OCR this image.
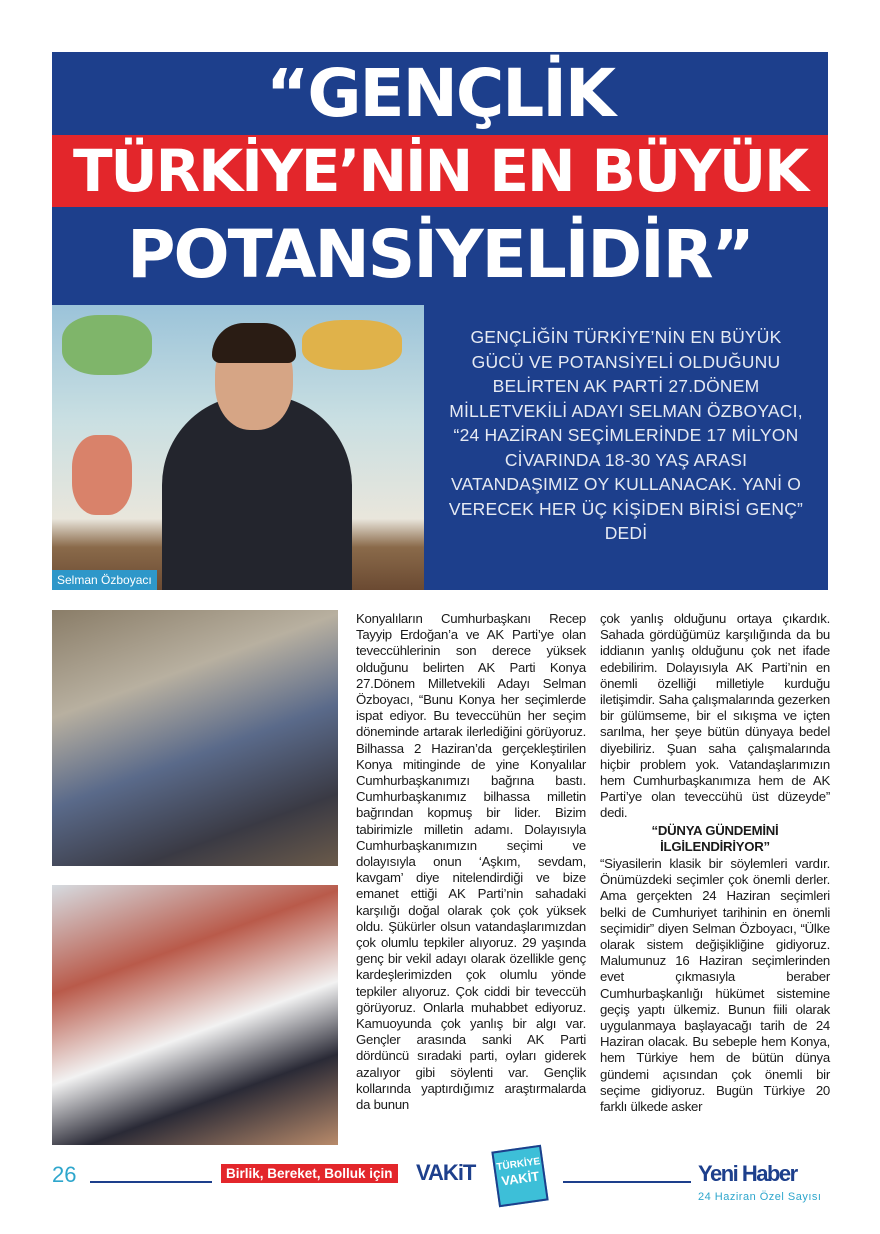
“GENÇLİK
TÜRKİYE’NİN EN BÜYÜK
POTANSİYELİDİR”
Selman Özboyacı
GENÇLİĞİN TÜRKİYE’NİN EN BÜYÜK GÜCÜ VE POTANSİYELİ OLDUĞUNU BELİRTEN AK PARTİ 27.DÖNEM MİLLETVEKİLİ ADAYI SELMAN ÖZBOYACI, “24 HAZİRAN SEÇİMLERİNDE 17 MİLYON CİVARINDA 18-30 YAŞ ARASI VATANDAŞIMIZ OY KULLANACAK. YANİ O VERECEK HER ÜÇ KİŞİDEN BİRİSİ GENÇ” DEDİ

Konyalıların Cumhurbaşkanı Recep Tayyip Erdoğan’a ve AK Parti’ye olan teveccühlerinin son derece yüksek olduğunu belirten AK Parti Konya 27.Dönem Milletvekili Adayı Selman Özboyacı, “Bunu Konya her seçimlerde ispat ediyor. Bu teveccühün her seçim döneminde artarak ilerlediğini görüyoruz. Bilhassa 2 Haziran’da gerçekleştirilen Konya mitinginde de yine Konyalılar Cumhurbaşkanımızı bağrına bastı. Cumhurbaşkanımız bilhassa milletin bağrından kopmuş bir lider. Bizim tabirimizle milletin adamı. Dolayısıyla Cumhurbaşkanımızın seçimi ve dolayısıyla onun ‘Aşkım, sevdam, kavgam’ diye nitelendirdiği ve bize emanet ettiği AK Parti’nin sahadaki karşılığı doğal olarak çok çok yüksek oldu. Şükürler olsun vatandaşlarımızdan çok olumlu tepkiler alıyoruz. 29 yaşında genç bir vekil adayı olarak özellikle genç kardeşlerimizden çok olumlu yönde tepkiler alıyoruz. Çok ciddi bir teveccüh görüyoruz. Onlarla muhabbet ediyoruz. Kamuoyunda çok yanlış bir algı var. Gençler arasında sanki AK Parti dördüncü sıradaki parti, oyları giderek azalıyor gibi söylenti var. Gençlik kollarında yaptırdığımız araştırmalarda da bunun

çok yanlış olduğunu ortaya çıkardık. Sahada gördüğümüz karşılığında da bu iddianın yanlış olduğunu çok net ifade edebilirim. Dolayısıyla AK Parti’nin en önemli özelliği milletiyle kurduğu iletişimdir. Saha çalışmalarında gezerken bir gülümseme, bir el sıkışma ve içten sarılma, her şeye bütün dünyaya bedel diyebiliriz. Şuan saha çalışmalarında hiçbir problem yok. Vatandaşlarımızın hem Cumhurbaşkanımıza hem de AK Parti’ye olan teveccühü üst düzeyde” dedi.

“DÜNYA GÜNDEMİNİ İLGİLENDİRİYOR”

“Siyasilerin klasik bir söylemleri vardır. Önümüzdeki seçimler çok önemli derler. Ama gerçekten 24 Haziran seçimleri belki de Cumhuriyet tarihinin en önemli seçimidir” diyen Selman Özboyacı, “Ülke olarak sistem değişikliğine gidiyoruz. Malumunuz 16 Haziran seçimlerinden evet çıkmasıyla beraber Cumhurbaşkanlığı hükümet sistemine geçiş yaptı ülkemiz. Bunun fiili olarak uygulanmaya başlayacağı tarih de 24 Haziran olacak. Bu sebeple hem Konya, hem Türkiye hem de bütün dünya gündemi açısından çok önemli bir seçime gidiyoruz. Bugün Türkiye 20 farklı ülkede asker

26	Birlik, Bereket, Bolluk için VAKiT TÜRKİYE
VAKİT	Yeni Haber
24 Haziran Özel Sayısı
